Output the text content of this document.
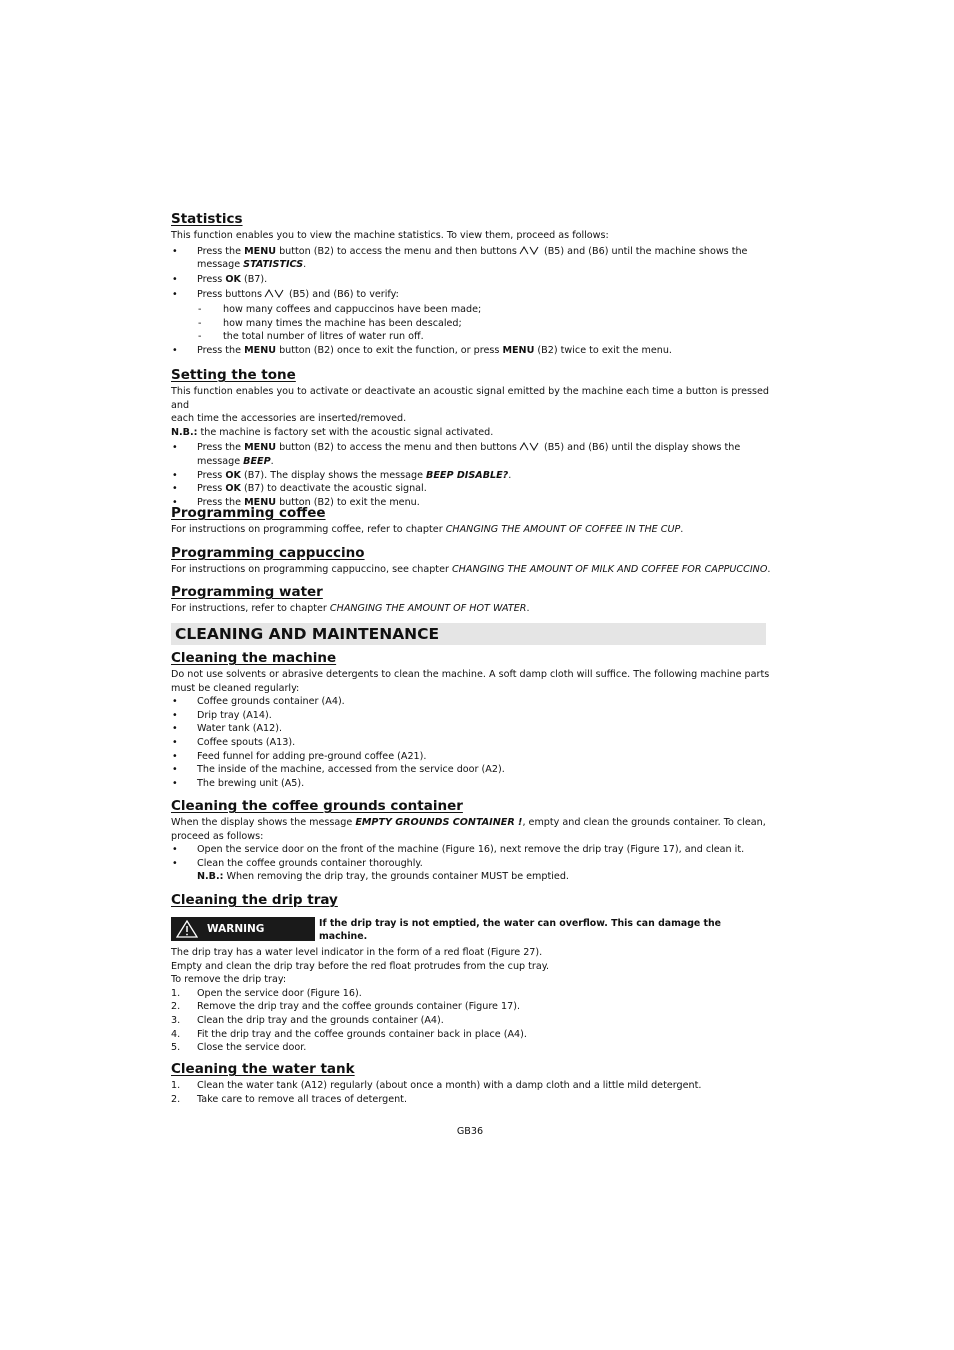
Statistics

This function enables you to view the machine statistics. To view them, proceed as follows:

• Press the MENU button (B2) to access the menu and then buttons	(B5) and (B6) until the machine shows the
message STATISTICS.
• Press OK (B7).
• Press buttons	(B5) and (B6) to verify:
- how many coffees and cappuccinos have been made;
- how many times the machine has been descaled;
- the total number of litres of water run off.
• Press the MENU button (B2) once to exit the function, or press MENU (B2) twice to exit the menu.
Setting the tone

This function enables you to activate or deactivate an acoustic signal emitted by the machine each time a button is pressed and
each time the accessories are inserted/removed.
N.B.: the machine is factory set with the acoustic signal activated.

• Press the MENU button (B2) to access the menu and then buttons	(B5) and (B6) until the display shows the
message BEEP.
• Press OK (B7). The display shows the message BEEP DISABLE?.
• Press OK (B7) to deactivate the acoustic signal.
• Press the MENU button (B2) to exit the menu.
Programming coffee

For instructions on programming coffee, refer to chapter CHANGING THE AMOUNT OF COFFEE IN THE CUP.

Programming cappuccino

For instructions on programming cappuccino, see chapter CHANGING THE AMOUNT OF MILK AND COFFEE FOR CAPPUCCINO.

Programming water

For instructions, refer to chapter CHANGING THE AMOUNT OF HOT WATER.

CLEANING AND MAINTENANCE
Cleaning the machine

Do not use solvents or abrasive detergents to clean the machine. A soft damp cloth will suffice. The following machine parts
must be cleaned regularly:

• Coffee grounds container (A4).
• Drip tray (A14).
• Water tank (A12).
• Coffee spouts (A13).
• Feed funnel for adding pre-ground coffee (A21).
• The inside of the machine, accessed from the service door (A2).
• The brewing unit (A5).
Cleaning the coffee grounds container

When the display shows the message EMPTY GROUNDS CONTAINER !, empty and clean the grounds container. To clean,
proceed as follows:

• Open the service door on the front of the machine (Figure 16), next remove the drip tray (Figure 17), and clean it.
• Clean the coffee grounds container thoroughly.
N.B.: When removing the drip tray, the grounds container MUST be emptied.
Cleaning the drip tray
WARNING	If the drip tray is not emptied, the water can overflow. This can damage the machine.

The drip tray has a water level indicator in the form of a red float (Figure 27).
Empty and clean the drip tray before the red float protrudes from the cup tray.
To remove the drip tray:

1. Open the service door (Figure 16).
2. Remove the drip tray and the coffee grounds container (Figure 17).
3. Clean the drip tray and the grounds container (A4).
4. Fit the drip tray and the coffee grounds container back in place (A4).
5. Close the service door.
Cleaning the water tank
1. Clean the water tank (A12) regularly (about once a month) with a damp cloth and a little mild detergent.
2. Take care to remove all traces of detergent.
GB36
